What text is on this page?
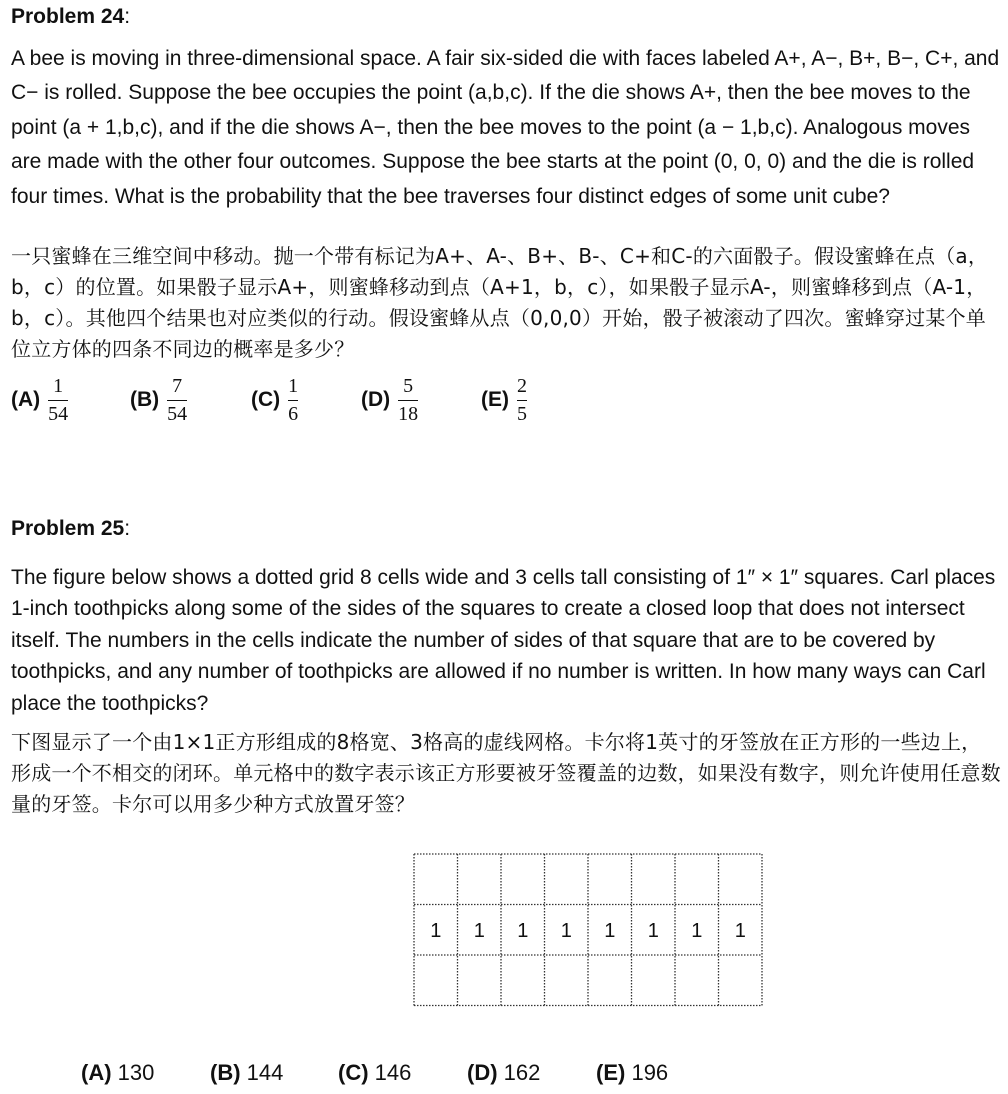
Problem 24:

A bee is moving in three-dimensional space. A fair six-sided die with faces labeled A+, A−, B+, B−, C+, and C− is rolled. Suppose the bee occupies the point (a,b,c). If the die shows A+, then the bee moves to the point (a + 1,b,c), and if the die shows A−, then the bee moves to the point (a − 1,b,c). Analogous moves are made with the other four outcomes. Suppose the bee starts at the point (0, 0, 0) and the die is rolled four times. What is the probability that the bee traverses four distinct edges of some unit cube?

一只蜜蜂在三维空间中移动。抛一个带有标记为A+、A-、B+、B-、C+和C-的六面骰子。假设蜜蜂在点（a，b，c）的位置。如果骰子显示A+，则蜜蜂移动到点（A+1，b，c），如果骰子显示A-，则蜜蜂移到点（A-1，b，c）。其他四个结果也对应类似的行动。假设蜜蜂从点（0,0,0）开始，骰子被滚动了四次。蜜蜂穿过某个单位立方体的四条不同边的概率是多少？

$(A) \frac{1}{54}$	$(B) \frac{7}{54}$	$(C) \frac{1}{6}$	$(D) \frac{5}{18}$	$(E) \frac{2}{5}$
Problem 25:

The figure below shows a dotted grid 8 cells wide and 3 cells tall consisting of 1″ × 1″ squares. Carl places 1-inch toothpicks along some of the sides of the squares to create a closed loop that does not intersect itself. The numbers in the cells indicate the number of sides of that square that are to be covered by toothpicks, and any number of toothpicks are allowed if no number is written. In how many ways can Carl place the toothpicks?

下图显示了一个由1×1正方形组成的8格宽、3格高的虚线网格。卡尔将1英寸的牙签放在正方形的一些边上，形成一个不相交的闭环。单元格中的数字表示该正方形要被牙签覆盖的边数，如果没有数字，则允许使用任意数量的牙签。卡尔可以用多少种方式放置牙签？

1 1 1 1 1 1 1 1
(A) 130	(B) 144 (C) 146	(D) 162	(E) 196
